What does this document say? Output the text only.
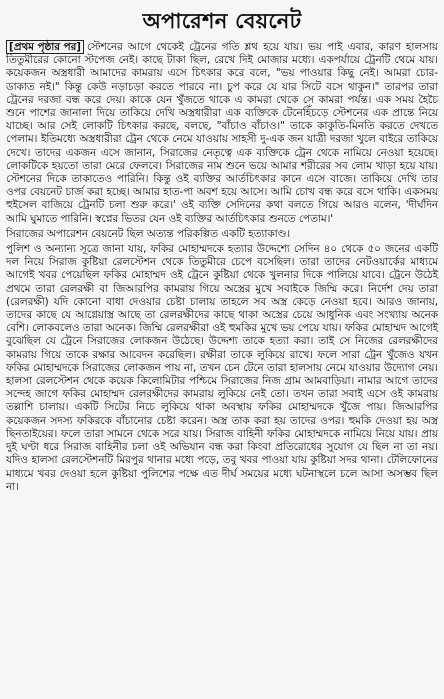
অপারেশন বেয়নেট

[প্রথম পৃষ্ঠার পর] স্টেশনের আগে থেকেই ট্রেনের গতি শ্লথ হয়ে যায়। ভয় পাই এবার, কারণ হালসায় তিতুমীরের কোনো স্টপেজ নেই। কাছে টাকা ছিল, রেখে দিই মোজার মধ্যে। একপর্যায়ে ট্রেনটি থেমে যায়। কয়েকজন অস্ত্রধারী আমাদের কামরায় এসে চিৎকার করে বলে, "ভয় পাওয়ার কিছু নেই। আমরা চোর-ডাকাত নই।" কিন্তু কেউ নড়াচড়া করতে পারবে না। চুপ করে যে যার সিটে বসে থাকুন।" তারপর তারা ট্রেনের দরজা বন্ধ করে দেয়। কাকে যেন খুঁজতে থাকে এ কামরা থেকে সে কামরা পর্যন্ত। এক সময় হৈচৈ শুনে পাশের জানালা দিয়ে তাকিয়ে দেখি অস্ত্রধারীরা এক ব্যক্তিকে টেনেহিঁচড়ে স্টেশনের এক প্রান্তে নিয়ে যাচ্ছে। আর সেই লোকটি চিৎকার করছে, বলছে, "বাঁচাও বাঁচাও।" তাকে কাকুতি-মিনতি করতে দেখতে পেলাম। ইতিমধ্যে অস্ত্রধারীরা ট্রেন থেকে নেমে যাওয়ায় সাহসী দু-এক জন যাত্রী দরজা খুলে বাইরে তাকিয়ে দেখে। তাদের একজন এসে জানান, সিরাজের নেতৃত্বে এক ব্যক্তিকে ট্রেন থেকে নামিয়ে নেওয়া হয়েছে। লোকটিকে হয়তো তারা মেরে ফেলবে। সিরাজের নাম শুনে ভয়ে আমার শরীরের সব লোম খাড়া হয়ে যায়। স্টেশনের দিকে তাকাতেও পারিনি। কিন্তু ওই ব্যক্তির আর্তচিৎকার কানে এসে বাজে। তাকিয়ে দেখি তার ওপর বেয়নেট চার্জ করা হচ্ছে। আমার হাত-পা অবশ হয়ে আসে। আমি চোখ বন্ধ করে বসে থাকি। একসময় হুইসেল বাজিয়ে ট্রেনটি চলা শুরু করে।' ওই ব্যক্তি সেদিনের কথা বলতে গিয়ে আরও বলেন, 'দীর্ঘদিন আমি ঘুমাতে পারিনি। স্বপ্নের ভিতর যেন ওই ব্যক্তির আর্তচিৎকার শুনতে পেতাম।'

সিরাজের অপারেশন বেয়নেট ছিল অত্যন্ত পরিকল্পিত একটি হত্যাকাণ্ড।

পুলিশ ও অন্যান্য সূত্রে জানা যায়, ফকির মোহাম্মদকে হত্যার উদ্দেশ্যে সেদিন ৪০ থেকে ৫০ জনের একটি দল নিয়ে সিরাজ কুষ্টিয়া রেলস্টেশন থেকে তিতুমীরে চেপে বসেছিল। তারা তাদের নেটওয়ার্কের মাধ্যমে আগেই খবর পেয়েছিল ফকির মোহাম্মদ ওই ট্রেনে কুষ্টিয়া থেকে খুলনার দিকে পালিয়ে যাবে। ট্রেনে উঠেই প্রথমে তারা রেলরক্ষী বা জিআরপির কামরায় গিয়ে অস্ত্রের মুখে সবাইকে জিম্মি করে। নির্দেশ দেয় তারা (রেলরক্ষী) যদি কোনো বাধা দেওয়ার চেষ্টা চালায় তাহলে সব অস্ত্র কেড়ে নেওয়া হবে। আরও জানায়, তাদের কাছে যে আগ্নেয়াস্ত্র আছে তা রেলরক্ষীদের কাছে থাকা অস্ত্রের চেয়ে আধুনিক এবং সংখ্যায় অনেক বেশি। লোকবলেও তারা অনেক। জিম্মি রেলরক্ষীরা ওই হুমকির মুখে ভয় পেয়ে যায়। ফকির মোহাম্মদ আগেই বুঝেছিল যে ট্রেনে সিরাজের লোকজন উঠেছে। উদ্দেশ্য তাকে হত্যা করা। তাই সে নিজের রেলরক্ষীদের কামরায় গিয়ে তাকে রক্ষার আবেদন করেছিল। রক্ষীরা তাকে লুকিয়ে রাখে। ফলে সারা ট্রেন খুঁজেও যখন ফকির মোহাম্মদকে সিরাজের লোকজন পায় না, তখন চেন টেনে তারা হালসায় নেমে যাওয়ার উদ্যোগ নেয়। হালসা রেলস্টেশন থেকে কয়েক কিলোমিটার পশ্চিমে সিরাজের নিজ গ্রাম আমবাড়িয়া। নামার আগে তাদের সন্দেহ জাগে ফকির মোহাম্মদ রেলরক্ষীদের কামরায় লুকিয়ে নেই তো। তখন তারা সবাই এসে ওই কামরায় তল্লাশি চালায়। একটি সিটের নিচে লুকিয়ে থাকা অবস্থায় ফকির মোহাম্মদকে খুঁজে পায়। জিআরপির কয়েকজন সদস্য ফকিরকে বাঁচানোর চেষ্টা করেন। অস্ত্র তাক করা হয় তাদের ওপর। হুমকি দেওয়া হয় অস্ত্র ছিনতাইয়ের। ফলে তারা সামনে থেকে সরে যায়। সিরাজ বাহিনী ফকির মোহাম্মদকে নামিয়ে নিয়ে যায়। প্রায় দুই ঘণ্টা ধরে সিরাজ বাহিনীর চলা ওই অভিযান বন্ধ করা কিংবা প্রতিরোধের সুযোগ যে ছিল না তা নয়। যদিও হালসা রেলস্টেশনটি মিরপুর থানার মধ্যে পড়ে, তবু খবর পাওয়া যায় কুষ্টিয়া সদর থানা। টেলিফোনের মাধ্যমে খবর দেওয়া হলে কুষ্টিয়া পুলিশের পক্ষে এত দীর্ঘ সময়ের মধ্যে ঘটনাস্থলে চলে আসা অসম্ভব ছিল না।
